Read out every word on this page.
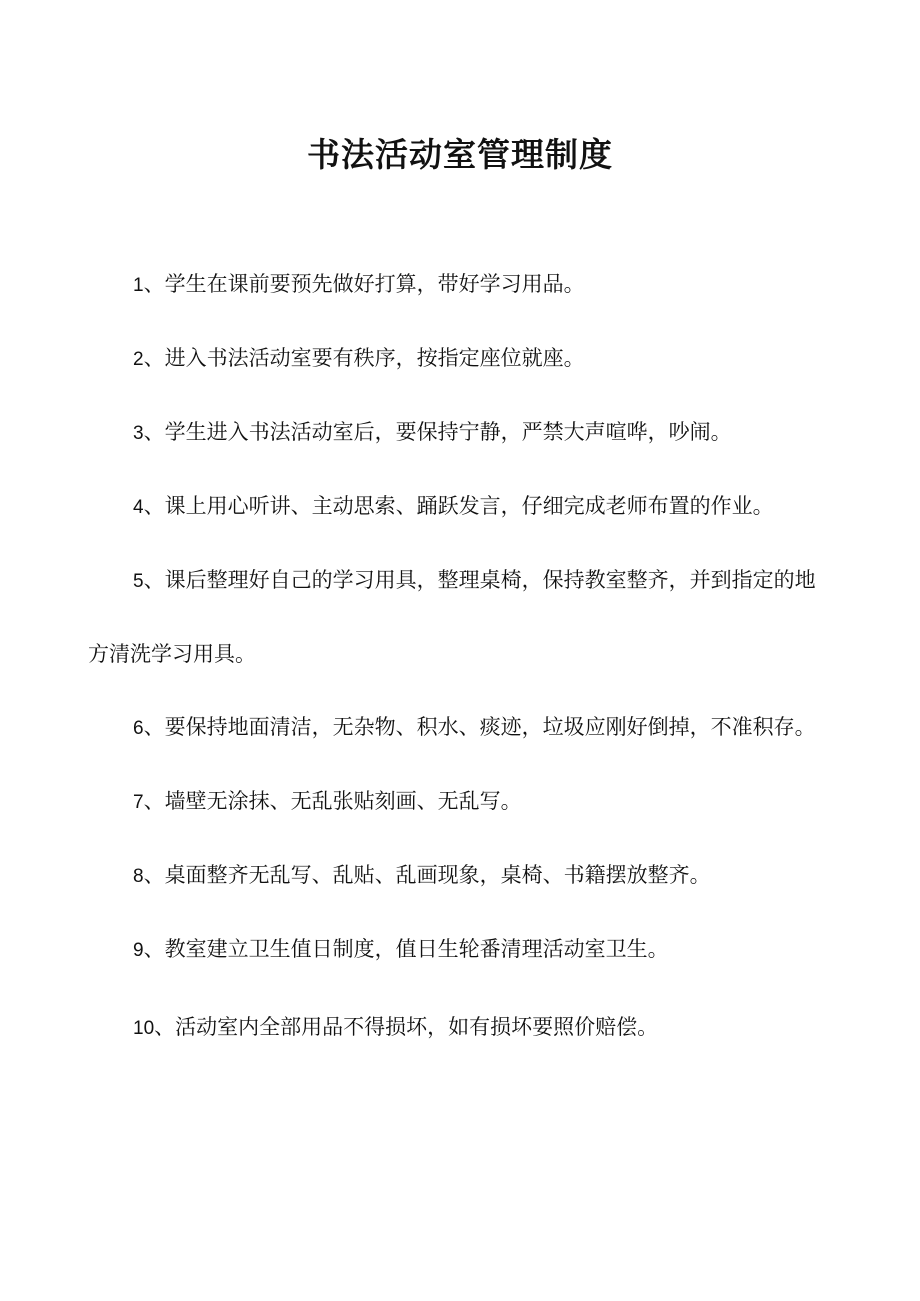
书法活动室管理制度
1、学生在课前要预先做好打算，带好学习用品。
2、进入书法活动室要有秩序，按指定座位就座。
3、学生进入书法活动室后，要保持宁静，严禁大声喧哗，吵闹。
4、课上用心听讲、主动思索、踊跃发言，仔细完成老师布置的作业。
5、课后整理好自己的学习用具，整理桌椅，保持教室整齐，并到指定的地方清洗学习用具。
6、要保持地面清洁，无杂物、积水、痰迹，垃圾应刚好倒掉，不准积存。
7、墙壁无涂抹、无乱张贴刻画、无乱写。
8、桌面整齐无乱写、乱贴、乱画现象，桌椅、书籍摆放整齐。
9、教室建立卫生值日制度，值日生轮番清理活动室卫生。
10、活动室内全部用品不得损坏，如有损坏要照价赔偿。
